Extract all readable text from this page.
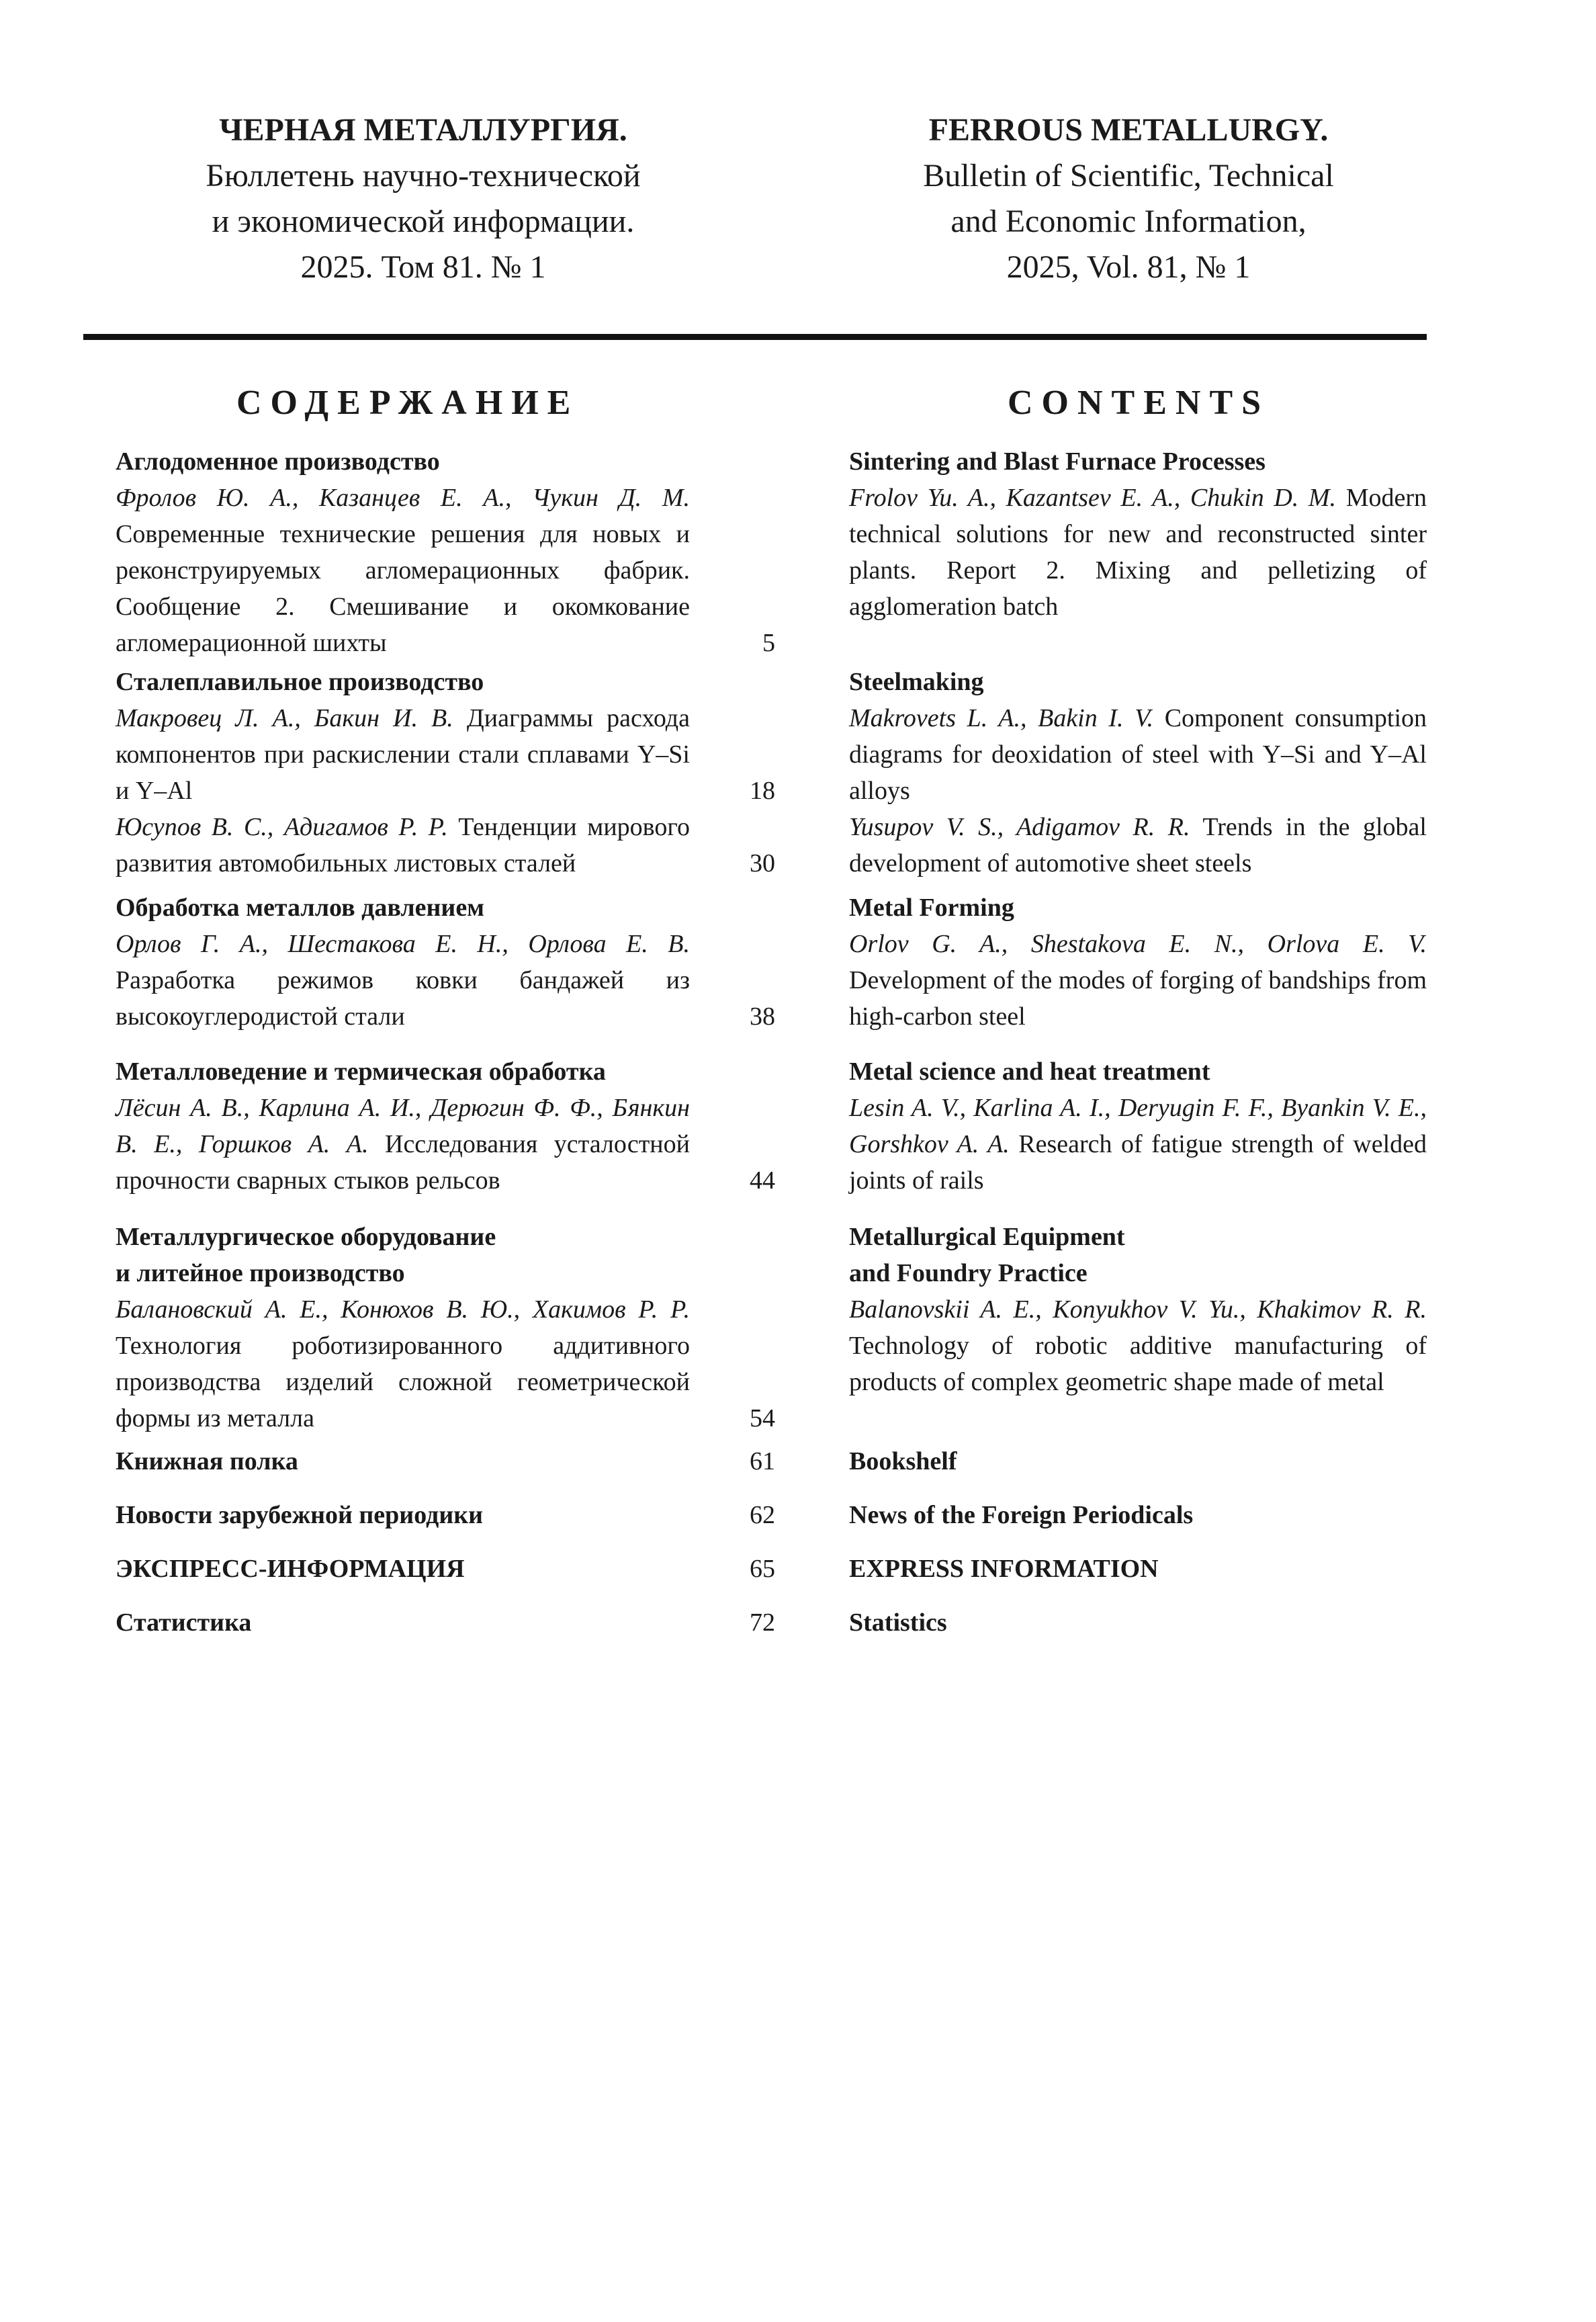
ЧЕРНАЯ МЕТАЛЛУРГИЯ.
Бюллетень научно-технической
и экономической информации.
2025. Том 81. № 1
FERROUS METALLURGY.
Bulletin of Scientific, Technical
and Economic Information,
2025, Vol. 81, № 1
СОДЕРЖАНИЕ	CONTENTS
Аглодоменное производство
Фролов Ю. А., Казанцев Е. А., Чукин Д. М. Современные технические решения для новых и реконструируемых агломерационных фабрик. Сообщение 2. Смешивание и окомкование агломерационной шихты	5
Сталеплавильное производство
Макровец Л. А., Бакин И. В. Диаграммы расхода компонентов при раскислении стали сплавами Y–Si и Y–Al	18
Юсупов В. С., Адигамов Р. Р. Тенденции мирового развития автомобильных листовых сталей	30
Обработка металлов давлением
Орлов Г. А., Шестакова Е. Н., Орлова Е. В. Разработка режимов ковки бандажей из высокоуглеродистой стали	38
Металловедение и термическая обработка
Лёсин А. В., Карлина А. И., Дерюгин Ф. Ф., Бянкин В. Е., Горшков А. А. Исследования усталостной прочности сварных стыков рельсов	44
Металлургическое оборудование
и литейное производство
Балановский А. Е., Конюхов В. Ю., Хакимов Р. Р. Технология роботизированного аддитивного производства изделий сложной геометрической формы из металла	54
Книжная полка	61
Новости зарубежной периодики	62
ЭКСПРЕСС-ИНФОРМАЦИЯ	65
Статистика	72
Sintering and Blast Furnace Processes
Frolov Yu. A., Kazantsev E. A., Chukin D. M. Modern technical solutions for new and reconstructed sinter plants. Report 2. Mixing and pelletizing of agglomeration batch
Steelmaking
Makrovets L. A., Bakin I. V. Component consumption diagrams for deoxidation of steel with Y–Si and Y–Al alloys
Yusupov V. S., Adigamov R. R. Trends in the global development of automotive sheet steels
Metal Forming
Orlov G. A., Shestakova E. N., Orlova E. V. Development of the modes of forging of bandships from high-carbon steel
Metal science and heat treatment
Lesin A. V., Karlina A. I., Deryugin F. F., Byankin V. E., Gorshkov A. A. Research of fatigue strength of welded joints of rails
Metallurgical Equipment
and Foundry Practice
Balanovskii A. E., Konyukhov V. Yu., Khakimov R. R. Technology of robotic additive manufacturing of products of complex geometric shape made of metal
Bookshelf
News of the Foreign Periodicals
EXPRESS INFORMATION
Statistics
